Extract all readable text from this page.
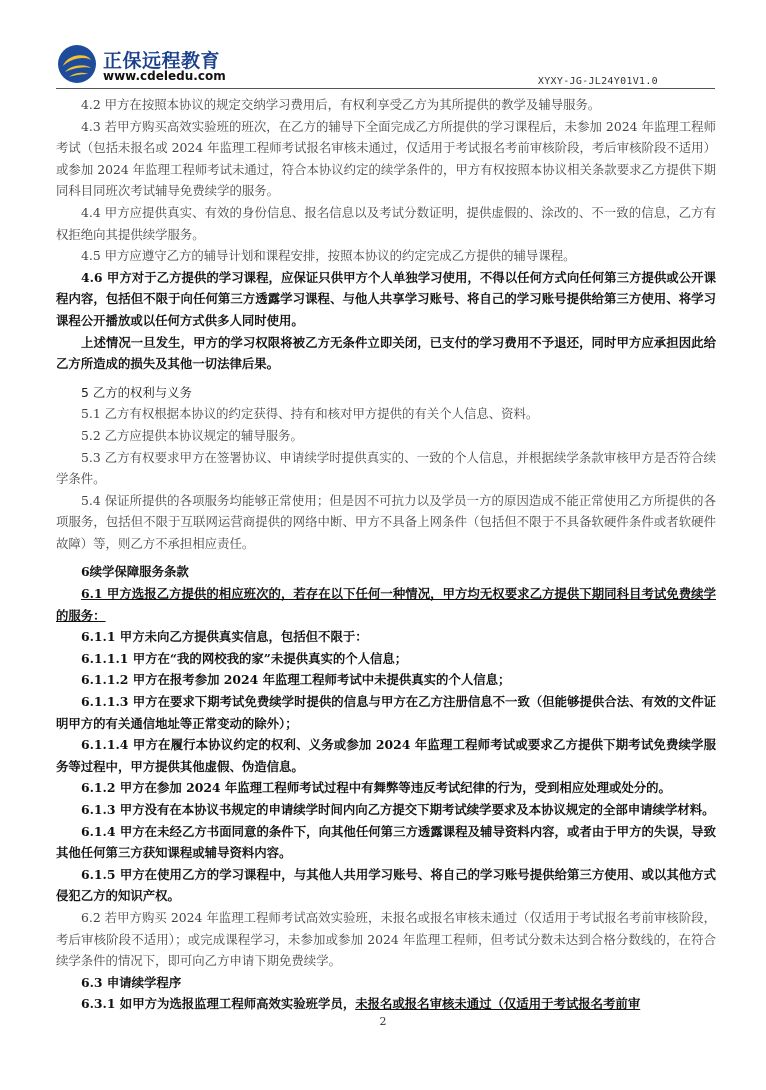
正保远程教育
www.cdeledu.com	XYXY-JG-JL24Y01V1.0

4.2 甲方在按照本协议的规定交纳学习费用后，有权利享受乙方为其所提供的教学及辅导服务。

4.3 若甲方购买高效实验班的班次，在乙方的辅导下全面完成乙方所提供的学习课程后，未参加 2024 年监理工程师考试（包括未报名或 2024 年监理工程师考试报名审核未通过，仅适用于考试报名考前审核阶段，考后审核阶段不适用）或参加 2024 年监理工程师考试未通过，符合本协议约定的续学条件的，甲方有权按照本协议相关条款要求乙方提供下期同科目同班次考试辅导免费续学的服务。

4.4 甲方应提供真实、有效的身份信息、报名信息以及考试分数证明，提供虚假的、涂改的、不一致的信息，乙方有权拒绝向其提供续学服务。

4.5 甲方应遵守乙方的辅导计划和课程安排，按照本协议的约定完成乙方提供的辅导课程。

4.6 甲方对于乙方提供的学习课程，应保证只供甲方个人单独学习使用，不得以任何方式向任何第三方提供或公开课程内容，包括但不限于向任何第三方透露学习课程、与他人共享学习账号、将自己的学习账号提供给第三方使用、将学习课程公开播放或以任何方式供多人同时使用。

上述情况一旦发生，甲方的学习权限将被乙方无条件立即关闭，已支付的学习费用不予退还，同时甲方应承担因此给乙方所造成的损失及其他一切法律后果。

5 乙方的权利与义务

5.1 乙方有权根据本协议的约定获得、持有和核对甲方提供的有关个人信息、资料。

5.2 乙方应提供本协议规定的辅导服务。

5.3 乙方有权要求甲方在签署协议、申请续学时提供真实的、一致的个人信息，并根据续学条款审核甲方是否符合续学条件。

5.4 保证所提供的各项服务均能够正常使用；但是因不可抗力以及学员一方的原因造成不能正常使用乙方所提供的各项服务，包括但不限于互联网运营商提供的网络中断、甲方不具备上网条件（包括但不限于不具备软硬件条件或者软硬件故障）等，则乙方不承担相应责任。

6续学保障服务条款

6.1 甲方选报乙方提供的相应班次的，若存在以下任何一种情况，甲方均无权要求乙方提供下期同科目考试免费续学的服务：

6.1.1 甲方未向乙方提供真实信息，包括但不限于：

6.1.1.1 甲方在“我的网校我的家”未提供真实的个人信息；

6.1.1.2 甲方在报考参加 2024 年监理工程师考试中未提供真实的个人信息；

6.1.1.3 甲方在要求下期考试免费续学时提供的信息与甲方在乙方注册信息不一致（但能够提供合法、有效的文件证明甲方的有关通信地址等正常变动的除外）；

6.1.1.4 甲方在履行本协议约定的权利、义务或参加 2024 年监理工程师考试或要求乙方提供下期考试免费续学服务等过程中，甲方提供其他虚假、伪造信息。

6.1.2 甲方在参加 2024 年监理工程师考试过程中有舞弊等违反考试纪律的行为，受到相应处理或处分的。

6.1.3 甲方没有在本协议书规定的申请续学时间内向乙方提交下期考试续学要求及本协议规定的全部申请续学材料。

6.1.4 甲方在未经乙方书面同意的条件下，向其他任何第三方透露课程及辅导资料内容，或者由于甲方的失误，导致其他任何第三方获知课程或辅导资料内容。

6.1.5 甲方在使用乙方的学习课程中，与其他人共用学习账号、将自己的学习账号提供给第三方使用、或以其他方式侵犯乙方的知识产权。

6.2 若甲方购买 2024 年监理工程师考试高效实验班，未报名或报名审核未通过（仅适用于考试报名考前审核阶段，考后审核阶段不适用）；或完成课程学习，未参加或参加 2024 年监理工程师，但考试分数未达到合格分数线的，在符合续学条件的情况下，即可向乙方申请下期免费续学。

6.3 申请续学程序

6.3.1 如甲方为选报监理工程师高效实验班学员，未报名或报名审核未通过（仅适用于考试报名考前审

2
